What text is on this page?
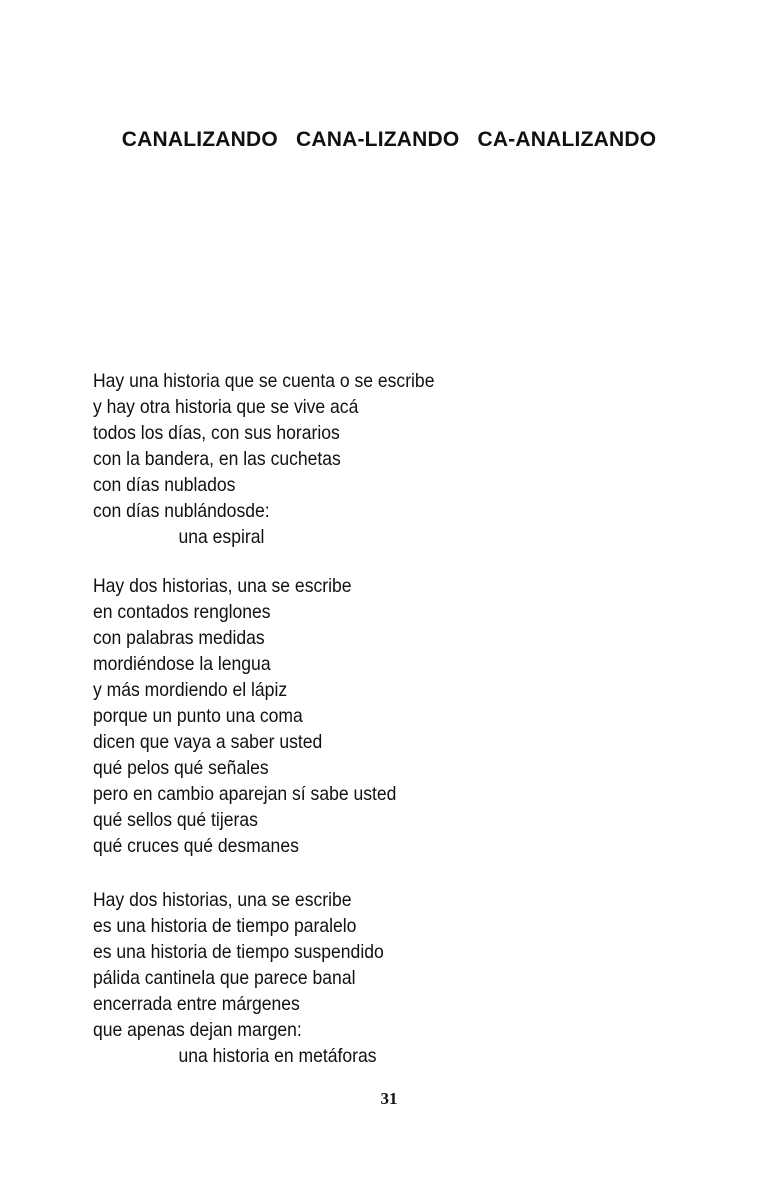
CANALIZANDO   CANA-LIZANDO   CA-ANALIZANDO
Hay una historia que se cuenta o se escribe
y hay otra historia que se vive acá
todos los días, con sus horarios
con la bandera, en las cuchetas
con días nublados
con días nublándosde:
una espiral
Hay dos historias, una se escribe
en contados renglones
con palabras medidas
mordiéndose la lengua
y más mordiendo el lápiz
porque un punto una coma
dicen que vaya a saber usted
qué pelos qué señales
pero en cambio aparejan sí sabe usted
qué sellos qué tijeras
qué cruces qué desmanes
Hay dos historias, una se escribe
es una historia de tiempo paralelo
es una historia de tiempo suspendido
pálida cantinela que parece banal
encerrada entre márgenes
que apenas dejan margen:
una historia en metáforas

31
